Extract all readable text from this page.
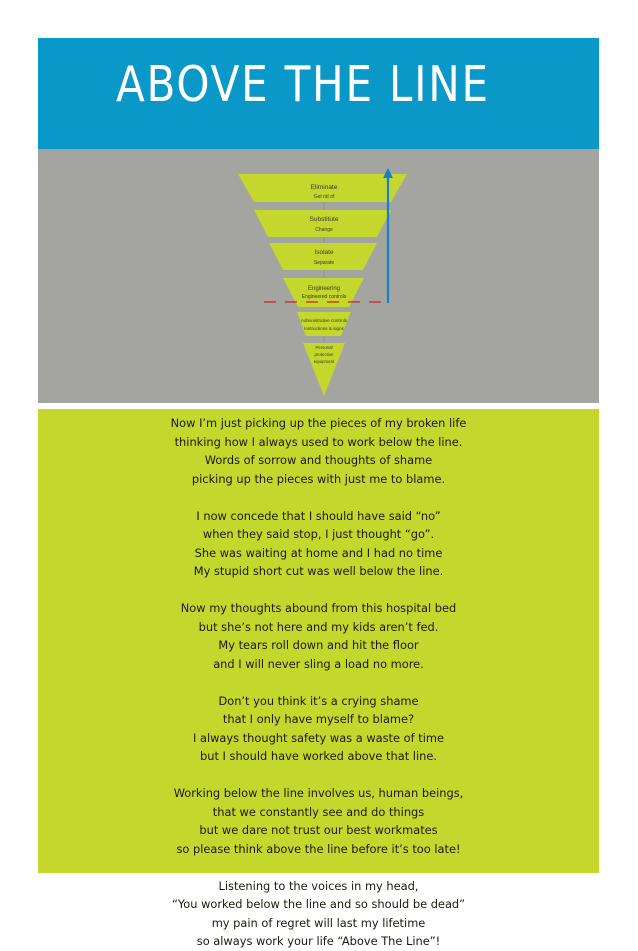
ABOVE THE LINE
Eliminate
Get rid of
Substitute
Change
Isolate
Separate
Engineering
Engineered controls
Administrative controls
Instructions & signs
Personal
protective
equipment

Now I’m just picking up the pieces of my broken life

thinking how I always used to work below the line.

Words of sorrow and thoughts of shame

picking up the pieces with just me to blame.

I now concede that I should have said “no”

when they said stop, I just thought “go”.

She was waiting at home and I had no time

My stupid short cut was well below the line.

Now my thoughts abound from this hospital bed

but she’s not here and my kids aren’t fed.

My tears roll down and hit the floor

and I will never sling a load no more.

Don’t you think it’s a crying shame

that I only have myself to blame?

I always thought safety was a waste of time

but I should have worked above that line.

Working below the line involves us, human beings,

that we constantly see and do things

but we dare not trust our best workmates

so please think above the line before it’s too late!

Listening to the voices in my head,

“You worked below the line and so should be dead”

my pain of regret will last my lifetime

so always work your life “Above The Line”!
